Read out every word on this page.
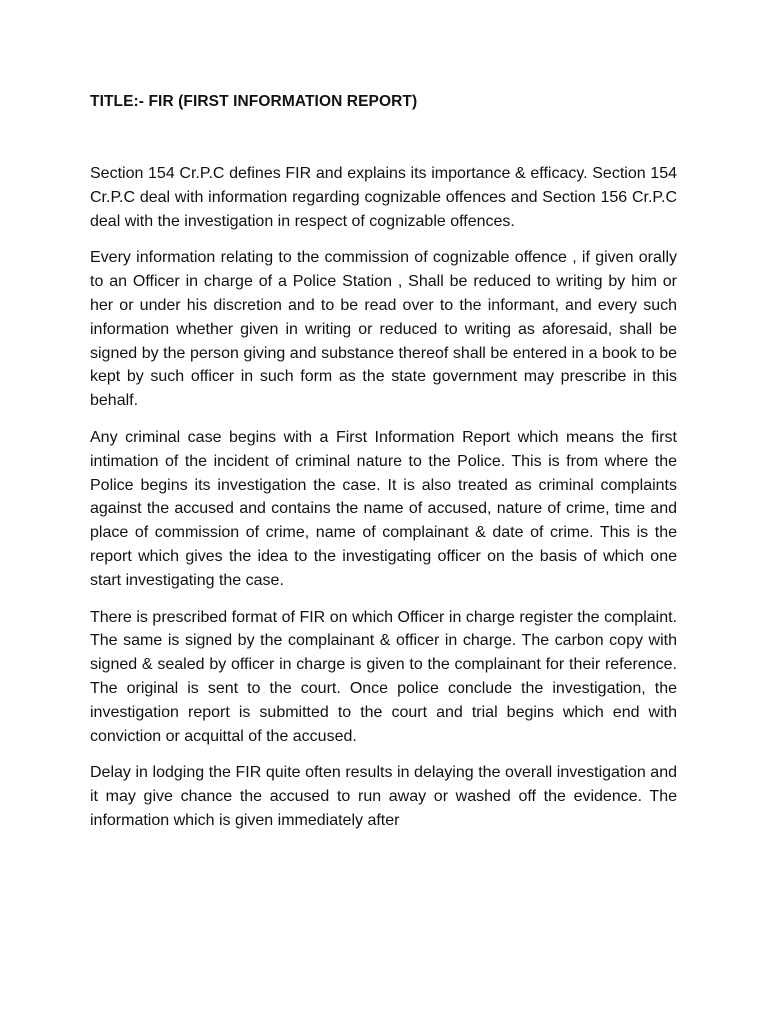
TITLE:- FIR (FIRST INFORMATION REPORT)

Section 154 Cr.P.C defines FIR and explains its importance & efficacy. Section 154 Cr.P.C deal with information regarding cognizable offences and Section 156 Cr.P.C deal with the investigation in respect of cognizable offences.

Every information relating to the commission of cognizable offence , if given orally to an Officer in charge of a Police Station , Shall be reduced to writing by him or her or under his discretion and to be read over to the informant, and every such information whether given in writing or reduced to writing as aforesaid, shall be signed by the person giving and substance thereof shall be entered in a book to be kept by such officer in such form as the state government may prescribe in this behalf.

Any criminal case begins with a First Information Report which means the first intimation of the incident of criminal nature to the Police. This is from where the Police begins its investigation the case. It is also treated as criminal complaints against the accused and contains the name of accused, nature of crime, time and place of commission of crime, name of complainant & date of crime. This is the report which gives the idea to the investigating officer on the basis of which one start investigating the case.

There is prescribed format of FIR on which Officer in charge register the complaint. The same is signed by the complainant & officer in charge. The carbon copy with signed & sealed by officer in charge is given to the complainant for their reference. The original is sent to the court. Once police conclude the investigation, the investigation report is submitted to the court and trial begins which end with conviction or acquittal of the accused.

Delay in lodging the FIR quite often results in delaying the overall investigation and it may give chance the accused to run away or washed off the evidence. The information which is given immediately after
